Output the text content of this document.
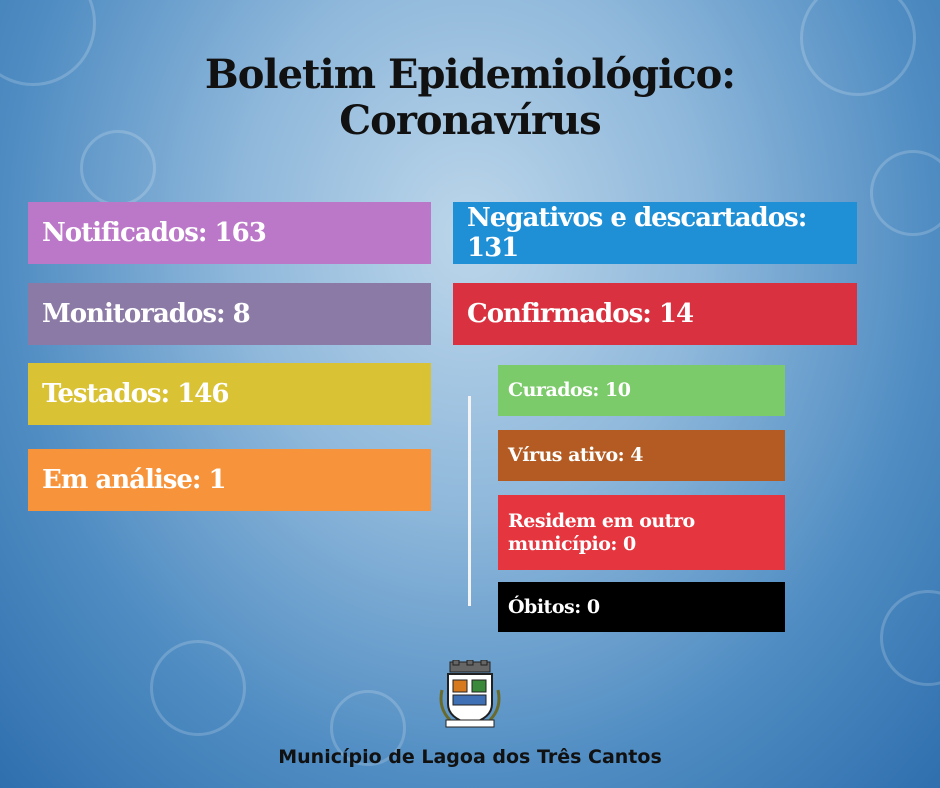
Boletim Epidemiológico:
Coronavírus
Notificados: 163
Monitorados: 8
Testados: 146
Em análise: 1
Negativos e descartados: 131
Confirmados: 14
Curados: 10
Vírus ativo: 4
Residem em outro município: 0
Óbitos: 0
Município de Lagoa dos Três Cantos
